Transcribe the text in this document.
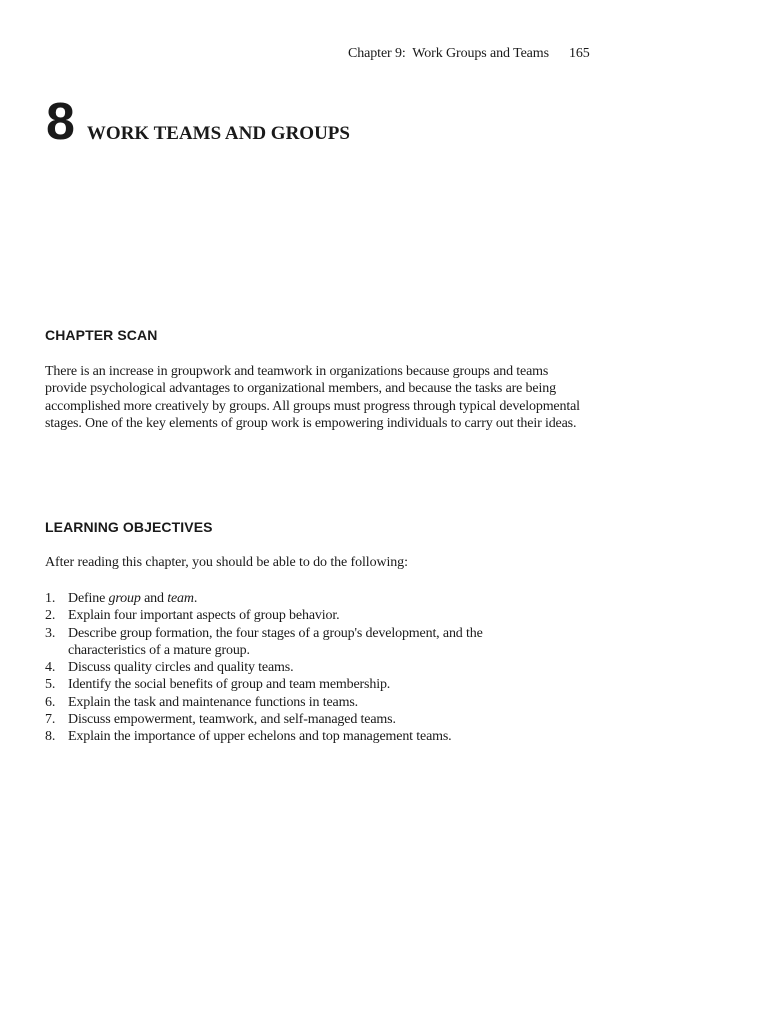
Chapter 9:  Work Groups and Teams 165
8 WORK TEAMS AND GROUPS
CHAPTER SCAN
There is an increase in groupwork and teamwork in organizations because groups and teams
provide psychological advantages to organizational members, and because the tasks are being
accomplished more creatively by groups. All groups must progress through typical developmental
stages. One of the key elements of group work is empowering individuals to carry out their ideas.
LEARNING OBJECTIVES
After reading this chapter, you should be able to do the following:
1. Define group and team.
2. Explain four important aspects of group behavior.
3. Describe group formation, the four stages of a group's development, and the
characteristics of a mature group.
4. Discuss quality circles and quality teams.
5. Identify the social benefits of group and team membership.
6. Explain the task and maintenance functions in teams.
7. Discuss empowerment, teamwork, and self-managed teams.
8. Explain the importance of upper echelons and top management teams.
